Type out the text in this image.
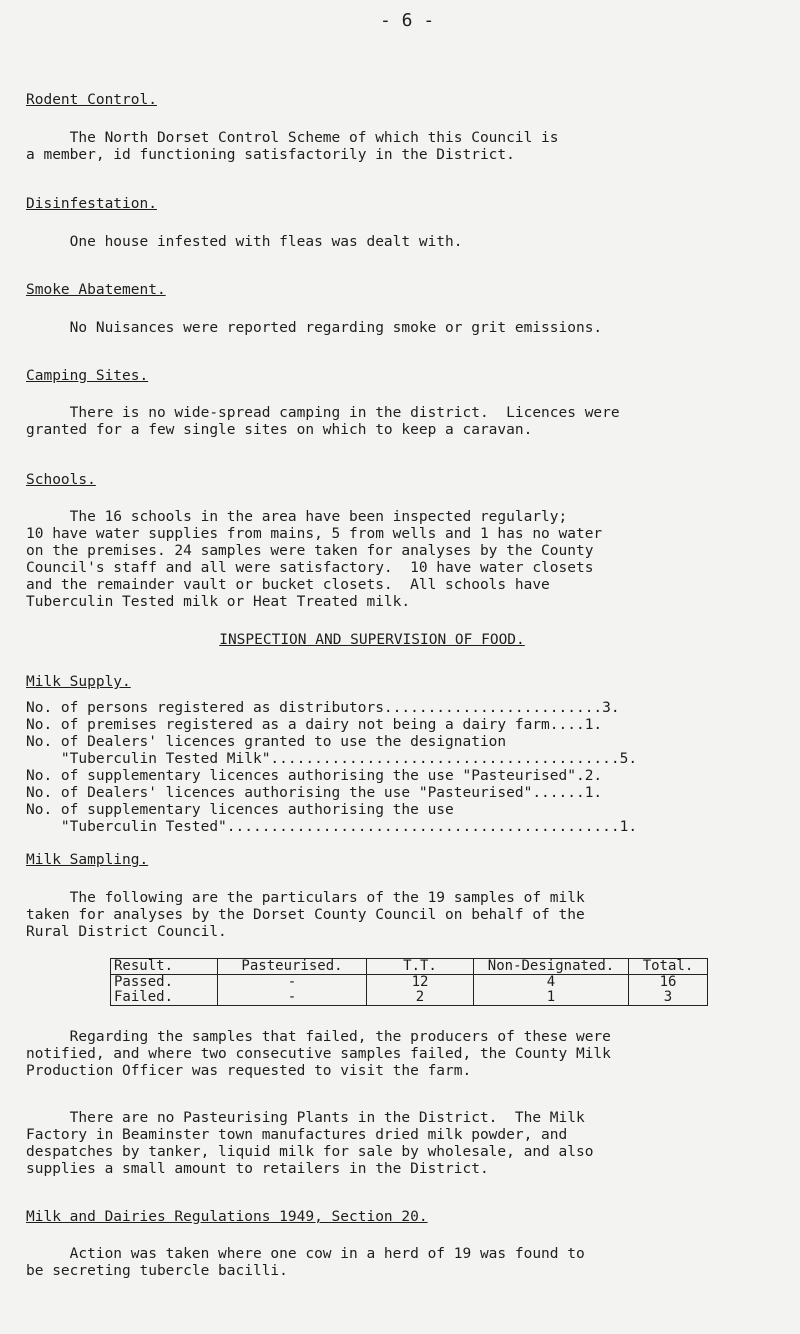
- 6 -
Rodent Control.
The North Dorset Control Scheme of which this Council is
a member, id functioning satisfactorily in the District.
Disinfestation.
One house infested with fleas was dealt with.
Smoke Abatement.
No Nuisances were reported regarding smoke or grit emissions.
Camping Sites.
There is no wide-spread camping in the district.  Licences were
granted for a few single sites on which to keep a caravan.
Schools.
The 16 schools in the area have been inspected regularly;
10 have water supplies from mains, 5 from wells and 1 has no water
on the premises. 24 samples were taken for analyses by the County
Council's staff and all were satisfactory.  10 have water closets
and the remainder vault or bucket closets.  All schools have
Tuberculin Tested milk or Heat Treated milk.
INSPECTION AND SUPERVISION OF FOOD.
Milk Supply.
No. of persons registered as distributors.........................3.
No. of premises registered as a dairy not being a dairy farm....1.
No. of Dealers' licences granted to use the designation
"Tuberculin Tested Milk"........................................5.
No. of supplementary licences authorising the use "Pasteurised".2.
No. of Dealers' licences authorising the use "Pasteurised"......1.
No. of supplementary licences authorising the use
"Tuberculin Tested".............................................1.
Milk Sampling.
The following are the particulars of the 19 samples of milk
taken for analyses by the Dorset County Council on behalf of the
Rural District Council.
Result.	Pasteurised.	T.T.	Non-Designated.	Total.
Passed.	-	12	4	16
Failed.	-	2	1	3
Regarding the samples that failed, the producers of these were
notified, and where two consecutive samples failed, the County Milk
Production Officer was requested to visit the farm.
There are no Pasteurising Plants in the District.  The Milk
Factory in Beaminster town manufactures dried milk powder, and
despatches by tanker, liquid milk for sale by wholesale, and also
supplies a small amount to retailers in the District.
Milk and Dairies Regulations 1949, Section 20.
Action was taken where one cow in a herd of 19 was found to
be secreting tubercle bacilli.
